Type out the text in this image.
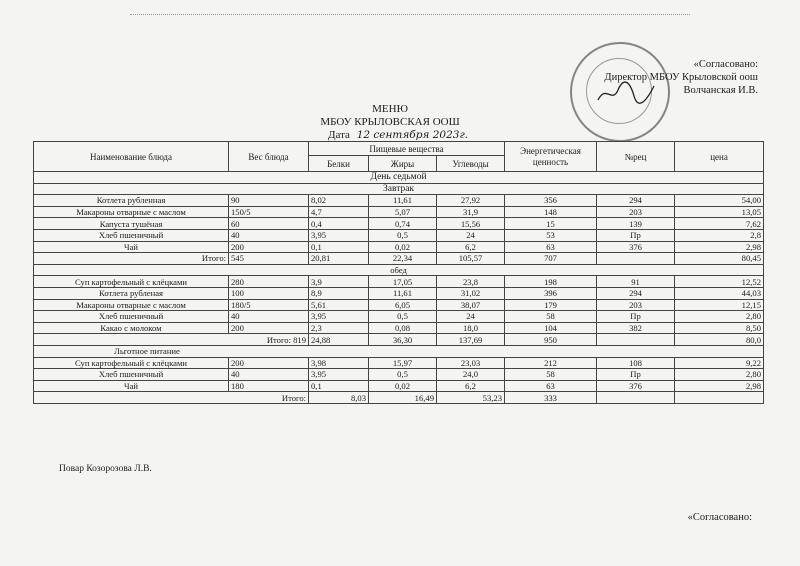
«Согласовано:
Директор МБОУ Крыловской оош
Волчанская И.В.
МЕНЮ
МБОУ КРЫЛОВСКАЯ ООШ
Дата 12 сентября 2023г.
Наименование блюда	Вес блюда	Пищевые вещества			Энергетическая ценность	№рец	цена
		Белки	Жиры	Углеводы			
День седьмой							
Завтрак							
Котлета рубленная	90	8,02	11,61	27,92	356	294	54,00
Макароны отварные с маслом	150/5	4,7	5,07	31,9	148	203	13,05
Капуста тушёная	60	0,4	0,74	15,56	15	139	7,62
Хлеб пшеничный	40	3,95	0,5	24	53	Пр	2,8
Чай	200	0,1	0,02	6,2	63	376	2,98
Итого:	545	20,81	22,34	105,57	707		80,45
обед							
Суп картофельный с клёцками	280	3,9	17,05	23,8	198	91	12,52
Котлета рубленая	100	8,9	11,61	31,02	396	294	44,03
Макароны отварные с маслом	180/5	5,61	6,05	38,07	179	203	12,15
Хлеб пшеничный	40	3,95	0,5	24	58	Пр	2,80
Какао с молоком	200	2,3	0,08	18,0	104	382	8,50
Итого: 819		24,88	36,30	137,69	950		80,0
Льготное питание							
Суп картофельный с клёцками	200	3,98	15,97	23,03	212	108	9,22
Хлеб пшеничный	40	3,95	0,5	24,0	58	Пр	2,80
Чай	180	0,1	0,02	6,2	63	376	2,98
Итого:		8,03	16,49	53,23	333		
Повар Козорозова Л.В.
«Согласовано:
